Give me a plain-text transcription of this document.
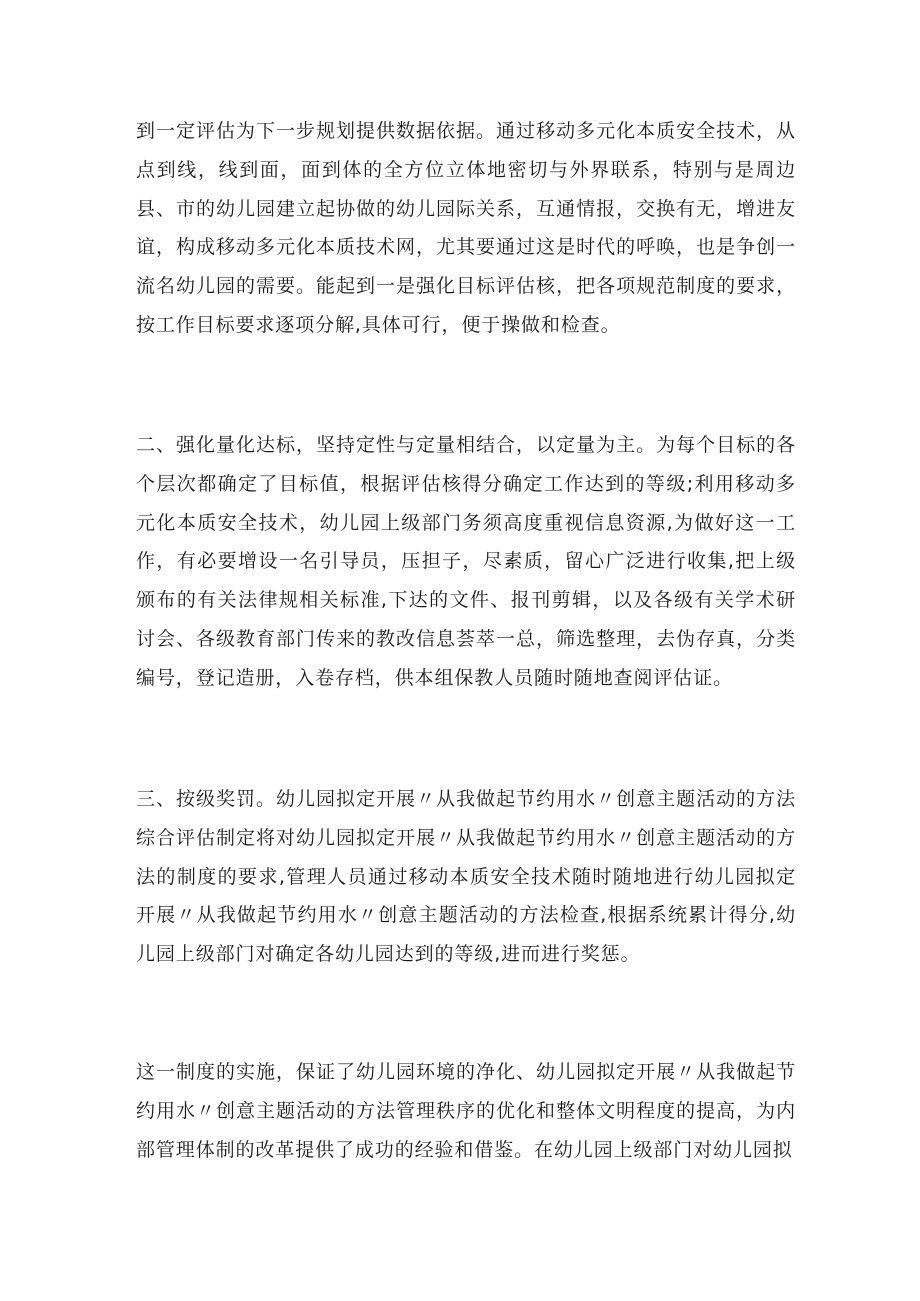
到一定评估为下一步规划提供数据依据。通过移动多元化本质安全技术，从点到线，线到面，面到体的全方位立体地密切与外界联系，特别与是周边县、市的幼儿园建立起协做的幼儿园际关系，互通情报，交换有无，增进友谊，构成移动多元化本质技术网，尤其要通过这是时代的呼唤，也是争创一流名幼儿园的需要。能起到一是强化目标评估核，把各项规范制度的要求，按工作目标要求逐项分解,具体可行，便于操做和检查。

二、强化量化达标，坚持定性与定量相结合，以定量为主。为每个目标的各个层次都确定了目标值，根据评估核得分确定工作达到的等级;利用移动多元化本质安全技术，幼儿园上级部门务须高度重视信息资源,为做好这一工作，有必要增设一名引导员，压担子，尽素质，留心广泛进行收集,把上级颁布的有关法律规相关标准,下达的文件、报刊剪辑，以及各级有关学术研讨会、各级教育部门传来的教改信息荟萃一总，筛选整理，去伪存真，分类编号，登记造册，入卷存档，供本组保教人员随时随地查阅评估证。

三、按级奖罚。幼儿园拟定开展〃从我做起节约用水〃创意主题活动的方法综合评估制定将对幼儿园拟定开展〃从我做起节约用水〃创意主题活动的方法的制度的要求,管理人员通过移动本质安全技术随时随地进行幼儿园拟定开展〃从我做起节约用水〃创意主题活动的方法检查,根据系统累计得分,幼儿园上级部门对确定各幼儿园达到的等级,进而进行奖惩。

这一制度的实施，保证了幼儿园环境的净化、幼儿园拟定开展〃从我做起节约用水〃创意主题活动的方法管理秩序的优化和整体文明程度的提高，为内部管理体制的改革提供了成功的经验和借鉴。在幼儿园上级部门对幼儿园拟
